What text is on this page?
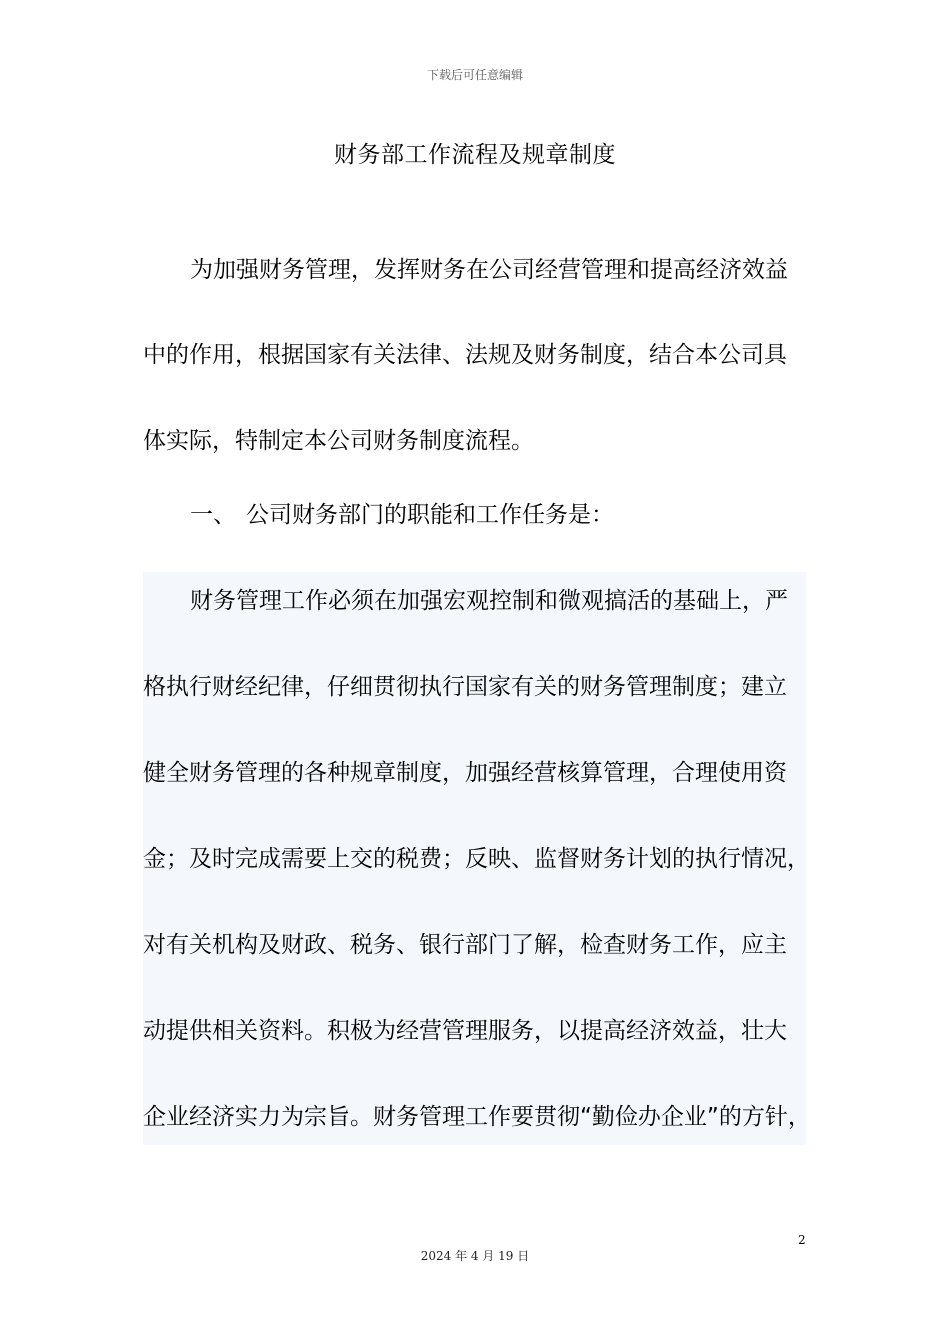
下载后可任意编辑
财务部工作流程及规章制度
为加强财务管理，发挥财务在公司经营管理和提高经济效益
中的作用，根据国家有关法律、法规及财务制度，结合本公司具
体实际，特制定本公司财务制度流程。
一、 公司财务部门的职能和工作任务是：
财务管理工作必须在加强宏观控制和微观搞活的基础上，严
格执行财经纪律，仔细贯彻执行国家有关的财务管理制度；建立
健全财务管理的各种规章制度，加强经营核算管理，合理使用资
金；及时完成需要上交的税费；反映、监督财务计划的执行情况，
对有关机构及财政、税务、银行部门了解，检查财务工作，应主
动提供相关资料。积极为经营管理服务，以提高经济效益，壮大
企业经济实力为宗旨。财务管理工作要贯彻“勤俭办企业”的方针，
2
2024 年 4 月 19 日
